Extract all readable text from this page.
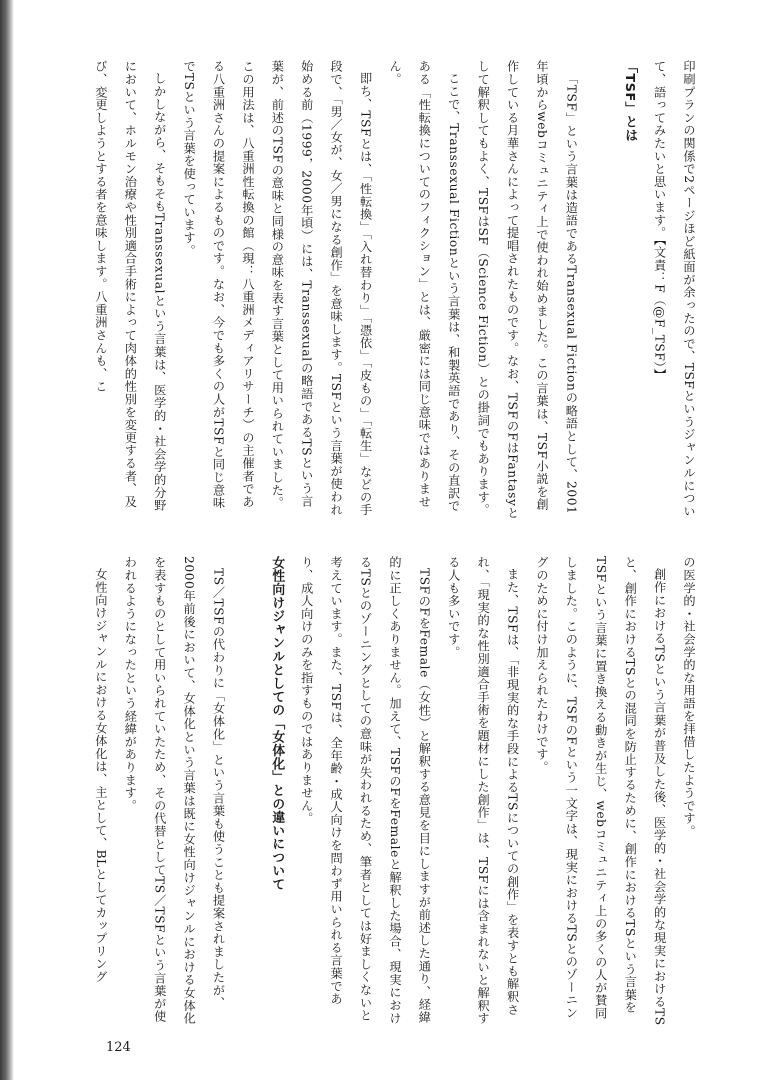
印刷プランの関係で2ページほど紙面が余ったので、TSFというジャンルについて、語ってみたいと思います。【文責：F（@F_TSF）】

「TSF」とは

「TSF」という言葉は造語であるTransexual Fictionの略語として、2001年頃からwebコミュニティ上で使われ始めました。この言葉は、TSF小説を創作している月華さんによって提唱されたものです。なお、TSFのFはFantasyとして解釈してもよく、TSFはSF（Science Fiction）との掛詞でもあります。

ここで、Transsexual Fictionという言葉は、和製英語であり、その直訳である「性転換についてのフィクション」とは、厳密には同じ意味ではありません。

即ち、TSFとは、「性転換」「入れ替わり」「憑依」「皮もの」「転生」などの手段で、「男／女が、女／男になる創作」を意味します。TSFという言葉が使われ始める前（1999，2000年頃）には、Transsexualの略語であるTSという言葉が、前述のTSFの意味と同様の意味を表す言葉として用いられていました。この用法は、八重洲性転換の館（現：八重洲メディアリサーチ）の主催者である八重洲さんの提案によるものです。なお、今でも多くの人がTSFと同じ意味でTSという言葉を使っています。

しかしながら、そもそもTranssexualという言葉は、医学的・社会学的分野において、ホルモン治療や性別適合手術によって肉体的性別を変更する者、及び、変更しようとする者を意味します。八重洲さんも、こ

の医学的・社会学的な用語を拝借したようです。

創作におけるTSという言葉が普及した後、医学的・社会学的な現実におけるTSと、創作におけるTSとの混同を防止するために、創作におけるTSという言葉をTSFという言葉に置き換える動きが生じ、webコミュニティ上の多くの人が賛同しました。このように、TSFのFという一文字は、現実におけるTSとのゾーニングのために付け加えられたわけです。

また、TSFは、「非現実的な手段によるTSについての創作」を表すとも解釈され、「現実的な性別適合手術を題材にした創作」は、TSFには含まれないと解釈する人も多いです。

TSFのFをFemale（女性）と解釈する意見を目にしますが前述した通り、経緯的に正しくありません。加えて、TSFのFをFemaleと解釈した場合、現実におけるTSとのゾーニングとしての意味が失われるため、筆者としては好ましくないと考えています。また、TSFは、全年齢・成人向けを問わず用いられる言葉であり、成人向けのみを指すものではありません。

女性向けジャンルとしての「女体化」との違いについて

TS／TSFの代わりに「女体化」という言葉も使うことも提案されましたが、2000年前後において、女体化という言葉は既に女性向けジャンルにおける女体化を表すものとして用いられていたため、その代替としてTS／TSFという言葉が使われるようになったという経緯があります。

女性向けジャンルにおける女体化は、主として、BLとしてカップリング

124
